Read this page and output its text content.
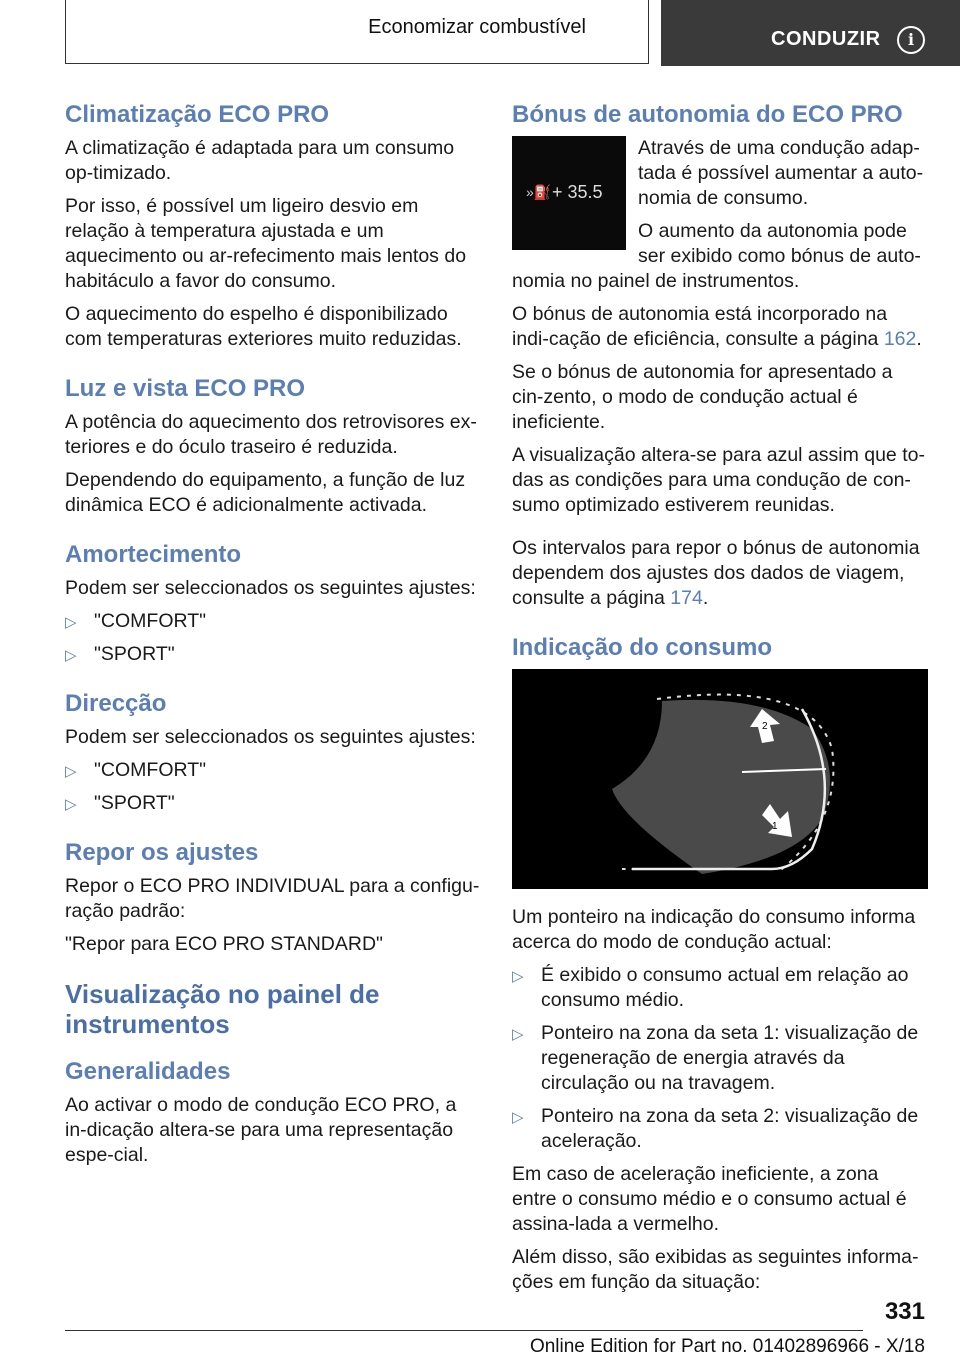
Economizar combustível
CONDUZIR	i
Climatização ECO PRO

A climatização é adaptada para um consumo op‐timizado.

Por isso, é possível um ligeiro desvio em relação à temperatura ajustada e um aquecimento ou ar‐refecimento mais lentos do habitáculo a favor do consumo.

O aquecimento do espelho é disponibilizado com temperaturas exteriores muito reduzidas.

Luz e vista ECO PRO

A potência do aquecimento dos retrovisores ex‐teriores e do óculo traseiro é reduzida.

Dependendo do equipamento, a função de luz dinâmica ECO é adicionalmente activada.

Amortecimento

Podem ser seleccionados os seguintes ajustes:

▷ "COMFORT"
▷ "SPORT"
Direcção

Podem ser seleccionados os seguintes ajustes:

▷ "COMFORT"
▷ "SPORT"
Repor os ajustes

Repor o ECO PRO INDIVIDUAL para a configu‐ração padrão:

"Repor para ECO PRO STANDARD"

Visualização no painel de instrumentos
Generalidades

Ao activar o modo de condução ECO PRO, a in‐dicação altera-se para uma representação espe‐cial.

Bónus de autonomia do ECO PRO
»⛽ + 35.5

Através de uma condução adap‐tada é possível aumentar a auto‐nomia de consumo.

O aumento da autonomia pode ser exibido como bónus de auto‐nomia no painel de instrumentos.

O bónus de autonomia está incorporado na indi‐cação de eficiência, consulte a página 162.

Se o bónus de autonomia for apresentado a cin‐zento, o modo de condução actual é ineficiente.

A visualização altera-se para azul assim que to‐das as condições para uma condução de con‐sumo optimizado estiverem reunidas.

Os intervalos para repor o bónus de autonomia dependem dos ajustes dos dados de viagem, consulte a página 174.

Indicação do consumo
2
1

Um ponteiro na indicação do consumo informa acerca do modo de condução actual:

▷ É exibido o consumo actual em relação ao consumo médio.
▷ Ponteiro na zona da seta 1: visualização de regeneração de energia através da circulação ou na travagem.
▷ Ponteiro na zona da seta 2: visualização de aceleração.

Em caso de aceleração ineficiente, a zona entre o consumo médio e o consumo actual é assina‐lada a vermelho.

Além disso, são exibidas as seguintes informa‐ções em função da situação:

331
Online Edition for Part no. 01402896966 - X/18
